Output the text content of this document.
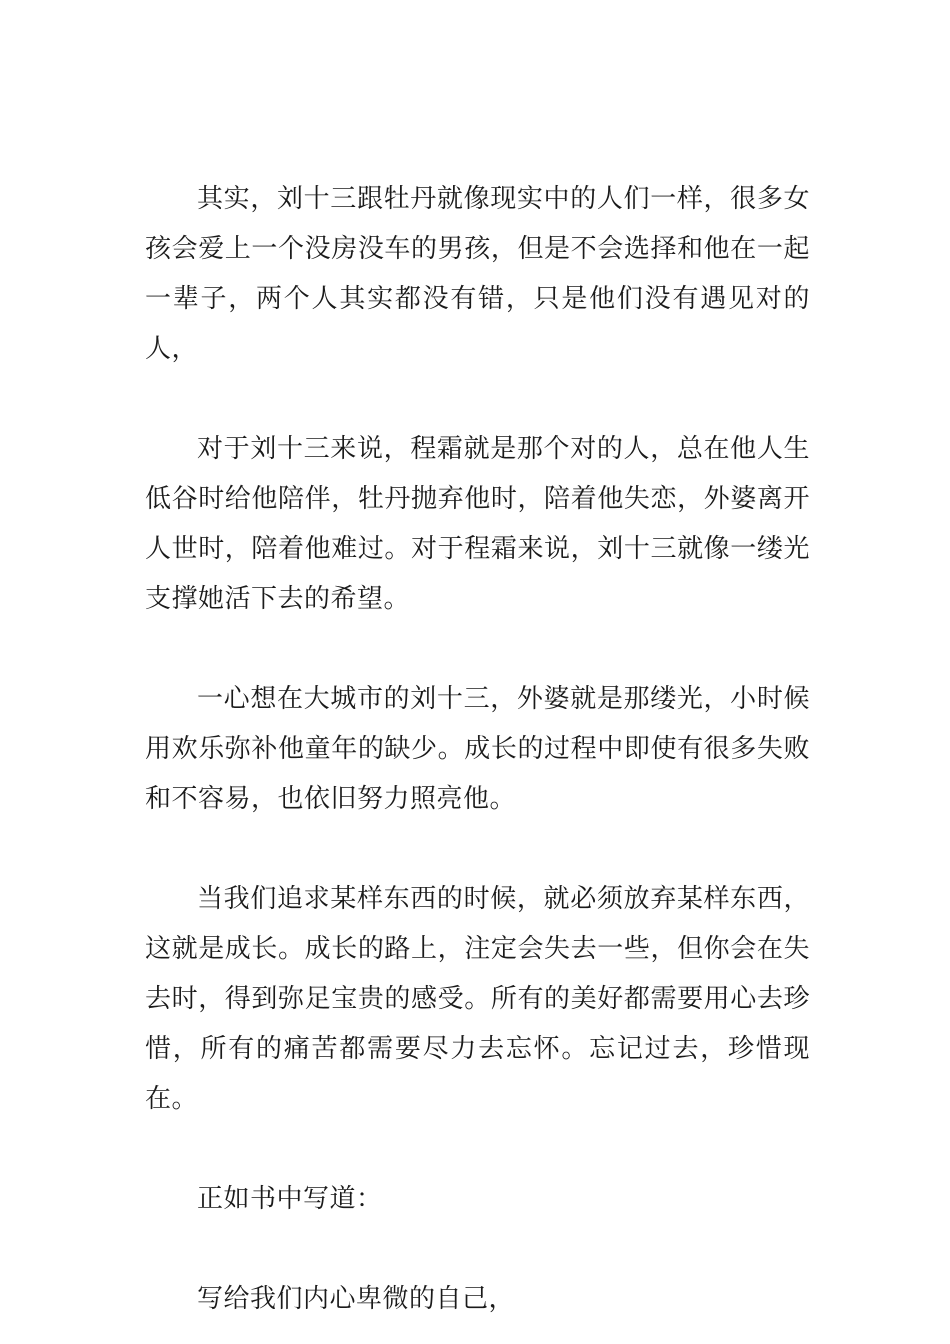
其实，刘十三跟牡丹就像现实中的人们一样，很多女孩会爱上一个没房没车的男孩，但是不会选择和他在一起一辈子，两个人其实都没有错，只是他们没有遇见对的人，

对于刘十三来说，程霜就是那个对的人，总在他人生低谷时给他陪伴，牡丹抛弃他时，陪着他失恋，外婆离开人世时，陪着他难过。对于程霜来说，刘十三就像一缕光支撑她活下去的希望。

一心想在大城市的刘十三，外婆就是那缕光，小时候用欢乐弥补他童年的缺少。成长的过程中即使有很多失败和不容易，也依旧努力照亮他。

当我们追求某样东西的时候，就必须放弃某样东西，这就是成长。成长的路上，注定会失去一些，但你会在失去时，得到弥足宝贵的感受。所有的美好都需要用心去珍惜，所有的痛苦都需要尽力去忘怀。忘记过去，珍惜现在。

正如书中写道：

写给我们内心卑微的自己，
